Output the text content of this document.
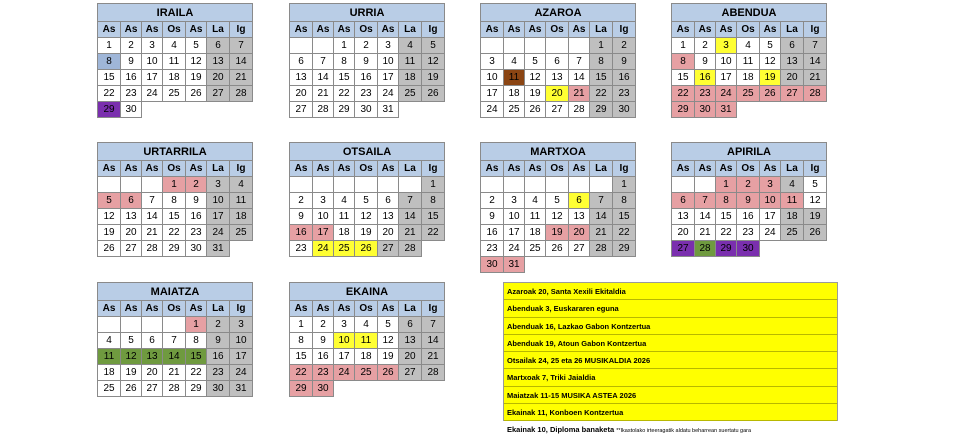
IRAILA						
As	As	As	Os	As	La	Ig
1	2	3	4	5	6	7
8	9	10	11	12	13	14
15	16	17	18	19	20	21
22	23	24	25	26	27	28
29	30					
URRIA						
As	As	As	Os	As	La	Ig
		1	2	3	4	5
6	7	8	9	10	11	12
13	14	15	16	17	18	19
20	21	22	23	24	25	26
27	28	29	30	31		
AZAROA						
As	As	As	Os	As	La	Ig
					1	2
3	4	5	6	7	8	9
10	11	12	13	14	15	16
17	18	19	20	21	22	23
24	25	26	27	28	29	30
ABENDUA						
As	As	As	Os	As	La	Ig
1	2	3	4	5	6	7
8	9	10	11	12	13	14
15	16	17	18	19	20	21
22	23	24	25	26	27	28
29	30	31				
URTARRILA						
As	As	As	Os	As	La	Ig
			1	2	3	4
5	6	7	8	9	10	11
12	13	14	15	16	17	18
19	20	21	22	23	24	25
26	27	28	29	30	31	
OTSAILA						
As	As	As	Os	As	La	Ig
						1
2	3	4	5	6	7	8
9	10	11	12	13	14	15
16	17	18	19	20	21	22
23	24	25	26	27	28	
MARTXOA						
As	As	As	Os	As	La	Ig
						1
2	3	4	5	6	7	8
9	10	11	12	13	14	15
16	17	18	19	20	21	22
23	24	25	26	27	28	29
30	31					
APIRILA						
As	As	As	Os	As	La	Ig
		1	2	3	4	5
6	7	8	9	10	11	12
13	14	15	16	17	18	19
20	21	22	23	24	25	26
27	28	29	30			
MAIATZA						
As	As	As	Os	As	La	Ig
				1	2	3
4	5	6	7	8	9	10
11	12	13	14	15	16	17
18	19	20	21	22	23	24
25	26	27	28	29	30	31
EKAINA						
As	As	As	Os	As	La	Ig
1	2	3	4	5	6	7
8	9	10	11	12	13	14
15	16	17	18	19	20	21
22	23	24	25	26	27	28
29	30					
Azaroak 20, Santa Xexili Ekitaldia
Abenduak 3, Euskararen eguna
Abenduak 16, Lazkao Gabon Kontzertua
Abenduak 19, Atoun Gabon Kontzertua
Otsailak 24, 25 eta 26 MUSIKALDIA 2026
Martxoak 7, Triki Jaialdia
Maiatzak 11-15 MUSIKA ASTEA 2026
Ekainak 11, Konboen Kontzertua
Ekainak 10, Diploma banaketa **Ikastolako irteeragatik aldatu beharrean suertatu gara
